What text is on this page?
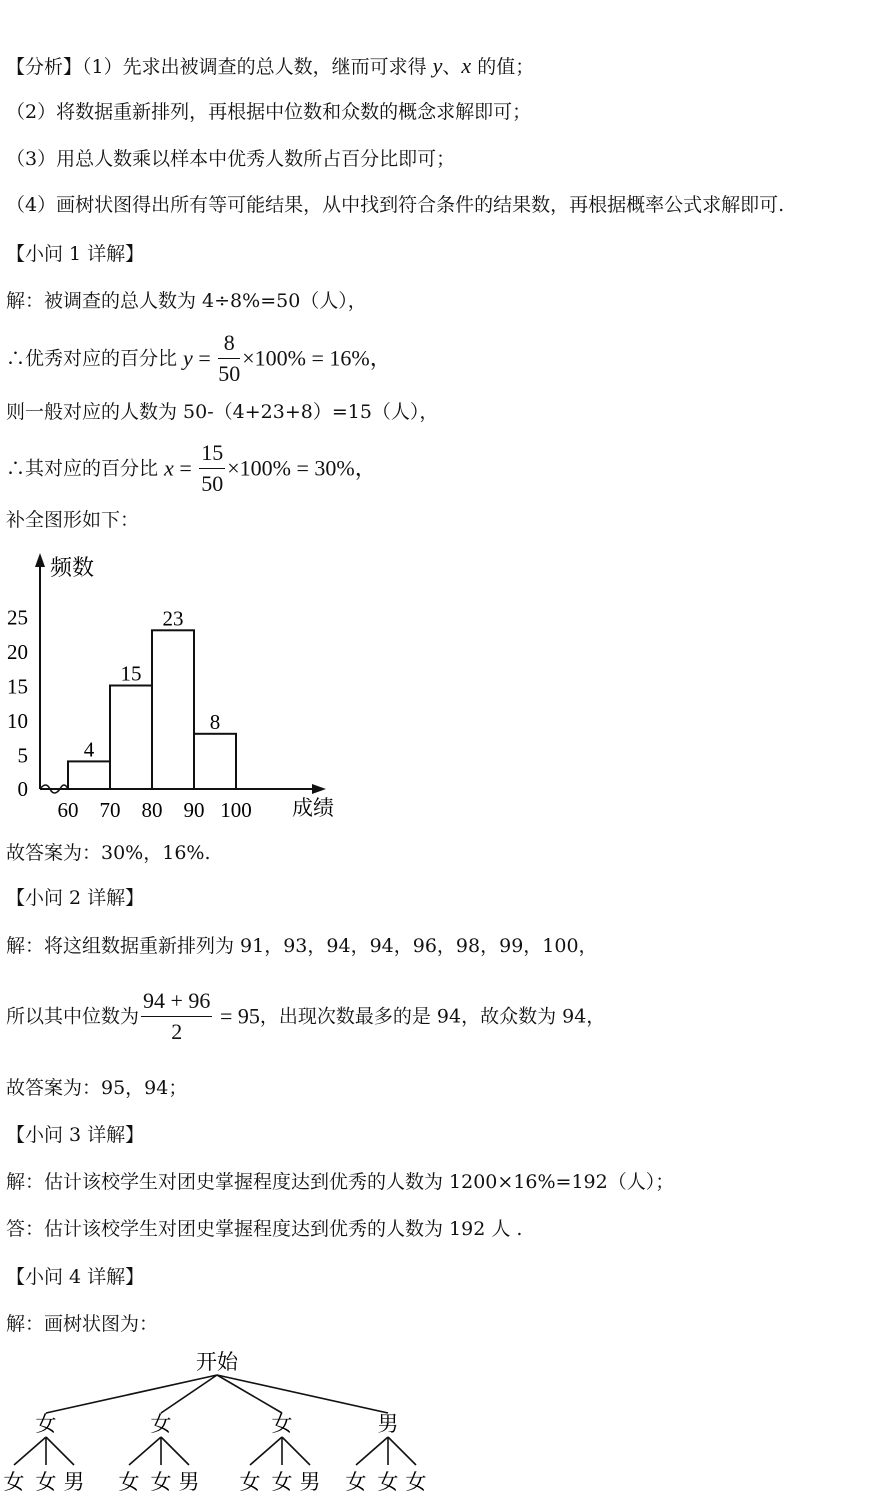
【分析】（1）先求出被调查的总人数，继而可求得 y、x 的值；
（2）将数据重新排列，再根据中位数和众数的概念求解即可；
（3）用总人数乘以样本中优秀人数所占百分比即可；
（4）画树状图得出所有等可能结果，从中找到符合条件的结果数，再根据概率公式求解即可.
【小问 1 详解】
解：被调查的总人数为 4÷8%=50（人），
∴优秀对应的百分比 $y = \frac{8}{50} \times 100\% = 16\%$，
则一般对应的人数为 50-（4+23+8）=15（人），
∴其对应的百分比 $x = \frac{15}{50} \times 100\% = 30\%$，
补全图形如下：
频数
成绩
0
5
10
15
20
25
60 70 80 90 100
4
15
23
8
故答案为：30%，16%.
【小问 2 详解】
解：将这组数据重新排列为 91，93，94，94，96，98，99，100，
所以其中位数为 $\frac{94 + 96}{2} = 95$，出现次数最多的是 94，故众数为 94，
故答案为：95，94；
【小问 3 详解】
解：估计该校学生对团史掌握程度达到优秀的人数为 1200×16%=192（人）；
答：估计该校学生对团史掌握程度达到优秀的人数为 192 人 .
【小问 4 详解】
解：画树状图为：
开始
女
女 女 男
女
女 女 男
女
女 女 男
男
女 女 女
